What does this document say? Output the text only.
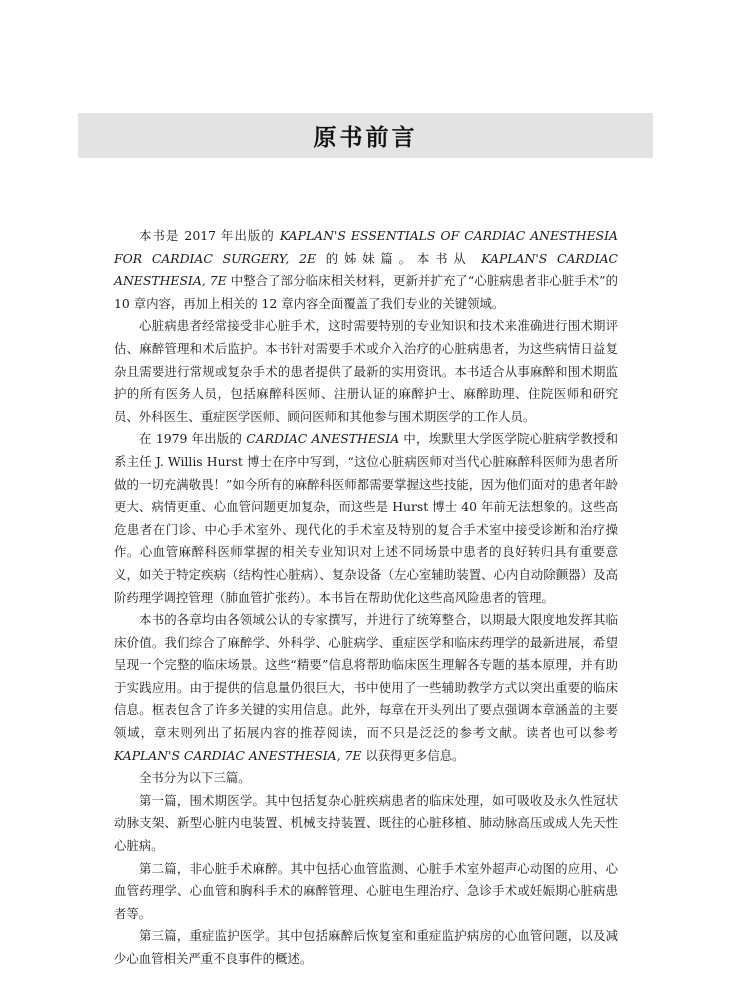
原书前言

本书是 2017 年出版的 KAPLAN'S ESSENTIALS OF CARDIAC ANESTHESIA FOR CARDIAC SURGERY, 2E 的姊妹篇。本书从 KAPLAN'S CARDIAC ANESTHESIA, 7E 中整合了部分临床相关材料，更新并扩充了“心脏病患者非心脏手术”的 10 章内容，再加上相关的 12 章内容全面覆盖了我们专业的关键领域。

心脏病患者经常接受非心脏手术，这时需要特别的专业知识和技术来准确进行围术期评估、麻醉管理和术后监护。本书针对需要手术或介入治疗的心脏病患者，为这些病情日益复杂且需要进行常规或复杂手术的患者提供了最新的实用资讯。本书适合从事麻醉和围术期监护的所有医务人员，包括麻醉科医师、注册认证的麻醉护士、麻醉助理、住院医师和研究员、外科医生、重症医学医师、顾问医师和其他参与围术期医学的工作人员。

在 1979 年出版的 CARDIAC ANESTHESIA 中，埃默里大学医学院心脏病学教授和系主任 J. Willis Hurst 博士在序中写到，“这位心脏病医师对当代心脏麻醉科医师为患者所做的一切充满敬畏！”如今所有的麻醉科医师都需要掌握这些技能，因为他们面对的患者年龄更大、病情更重、心血管问题更加复杂，而这些是 Hurst 博士 40 年前无法想象的。这些高危患者在门诊、中心手术室外、现代化的手术室及特别的复合手术室中接受诊断和治疗操作。心血管麻醉科医师掌握的相关专业知识对上述不同场景中患者的良好转归具有重要意义，如关于特定疾病（结构性心脏病）、复杂设备（左心室辅助装置、心内自动除颤器）及高阶药理学调控管理（肺血管扩张药）。本书旨在帮助优化这些高风险患者的管理。

本书的各章均由各领域公认的专家撰写，并进行了统筹整合，以期最大限度地发挥其临床价值。我们综合了麻醉学、外科学、心脏病学、重症医学和临床药理学的最新进展，希望呈现一个完整的临床场景。这些“精要”信息将帮助临床医生理解各专题的基本原理，并有助于实践应用。由于提供的信息量仍很巨大，书中使用了一些辅助教学方式以突出重要的临床信息。框表包含了许多关键的实用信息。此外，每章在开头列出了要点强调本章涵盖的主要领域，章末则列出了拓展内容的推荐阅读，而不只是泛泛的参考文献。读者也可以参考 KAPLAN'S CARDIAC ANESTHESIA, 7E 以获得更多信息。

全书分为以下三篇。

第一篇，围术期医学。其中包括复杂心脏疾病患者的临床处理，如可吸收及永久性冠状动脉支架、新型心脏内电装置、机械支持装置、既往的心脏移植、肺动脉高压或成人先天性心脏病。

第二篇，非心脏手术麻醉。其中包括心血管监测、心脏手术室外超声心动图的应用、心血管药理学、心血管和胸科手术的麻醉管理、心脏电生理治疗、急诊手术或妊娠期心脏病患者等。

第三篇，重症监护医学。其中包括麻醉后恢复室和重症监护病房的心血管问题，以及减少心血管相关严重不良事件的概述。
